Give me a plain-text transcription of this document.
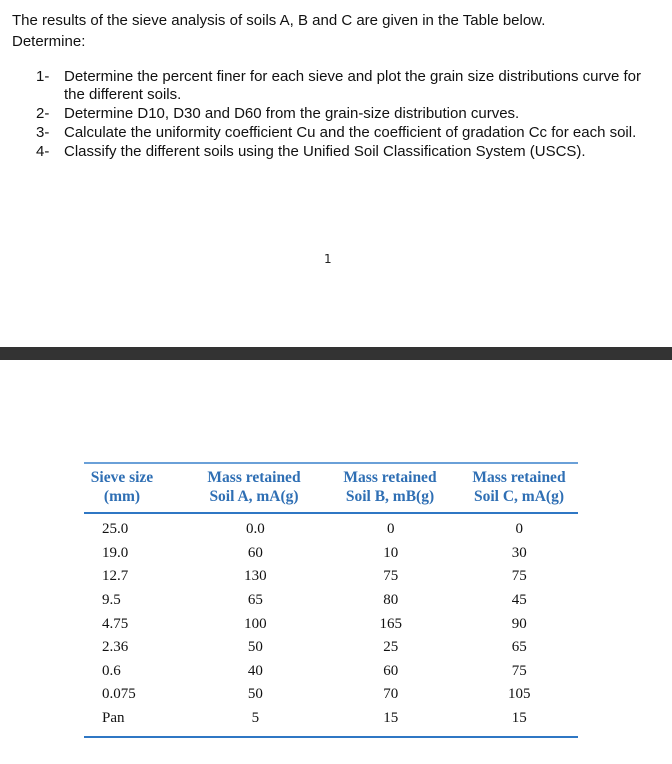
The results of the sieve analysis of soils A, B and C are given in the Table below.
Determine:
1- Determine the percent finer for each sieve and plot the grain size distributions curve for the different soils.
2- Determine D10, D30 and D60 from the grain-size distribution curves.
3- Calculate the uniformity coefficient Cu and the coefficient of gradation Cc for each soil.
4- Classify the different soils using the Unified Soil Classification System (USCS).
1
Sieve size
(mm)
Mass retained
Soil A, mA(g)
Mass retained
Soil B, mB(g)
Mass retained
Soil C, mA(g)
25.0	0.0	0	0
19.0	60	10	30
12.7	130	75	75
9.5	65	80	45
4.75	100	165	90
2.36	50	25	65
0.6	40	60	75
0.075	50	70	105
Pan	5	15	15
